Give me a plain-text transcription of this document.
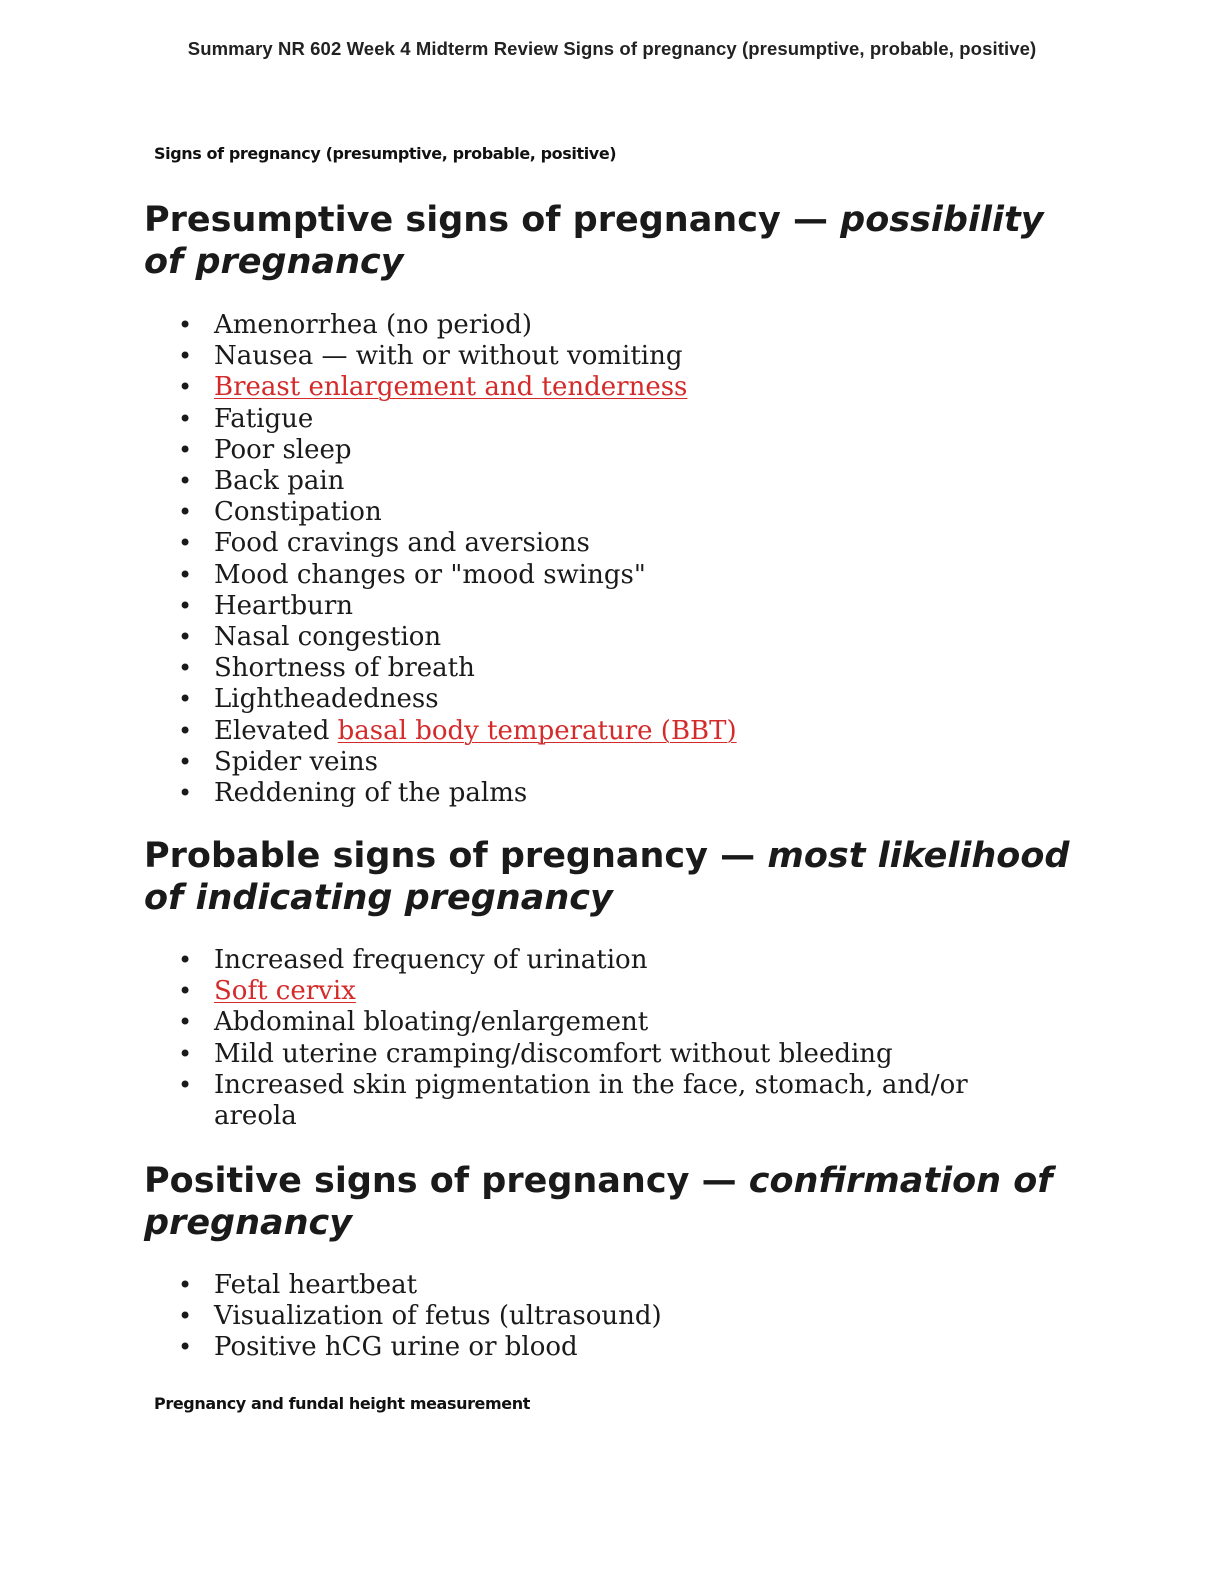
Summary NR 602 Week 4 Midterm Review Signs of pregnancy (presumptive, probable, positive)
Signs of pregnancy (presumptive, probable, positive)
Presumptive signs of pregnancy — possibility of pregnancy
• Amenorrhea (no period)
• Nausea — with or without vomiting
• Breast enlargement and tenderness
• Fatigue
• Poor sleep
• Back pain
• Constipation
• Food cravings and aversions
• Mood changes or "mood swings"
• Heartburn
• Nasal congestion
• Shortness of breath
• Lightheadedness
• Elevated basal body temperature (BBT)
• Spider veins
• Reddening of the palms
Probable signs of pregnancy — most likelihood of indicating pregnancy
• Increased frequency of urination
• Soft cervix
• Abdominal bloating/enlargement
• Mild uterine cramping/discomfort without bleeding
• Increased skin pigmentation in the face, stomach, and/or areola
Positive signs of pregnancy — confirmation of pregnancy
• Fetal heartbeat
• Visualization of fetus (ultrasound)
• Positive hCG urine or blood
Pregnancy and fundal height measurement
